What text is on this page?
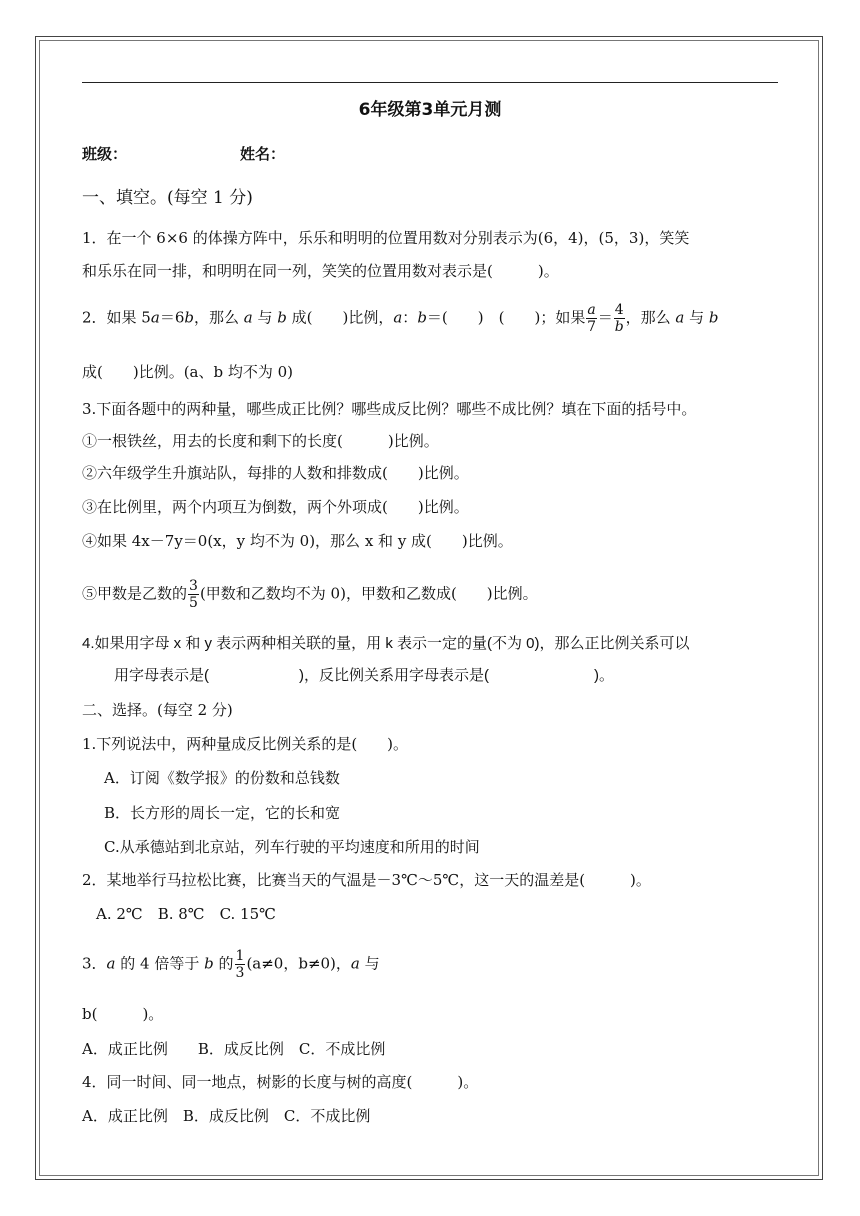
6年级第3单元月测
班级：	姓名：
一、填空。(每空 1 分)
1．在一个 6×6 的体操方阵中，乐乐和明明的位置用数对分别表示为(6，4)，(5，3)，笑笑
和乐乐在同一排，和明明在同一列，笑笑的位置用数对表示是(　　　)。
2．如果 5a＝6b，那么 a 与 b 成(　　)比例，a：b＝(　　)　(　　)；如果 $\frac{a}{7} = \frac{4}{b}$ ，那么 a 与 b
成(　　)比例。(a、b 均不为 0)
3.下面各题中的两种量，哪些成正比例？哪些成反比例？哪些不成比例？填在下面的括号中。
①一根铁丝，用去的长度和剩下的长度(　　　)比例。
②六年级学生升旗站队，每排的人数和排数成(　　)比例。
③在比例里，两个内项互为倒数，两个外项成(　　)比例。
④如果 4x－7y＝0(x，y 均不为 0)，那么 x 和 y 成(　　)比例。
⑤甲数是乙数的 $\frac{3}{5}$ (甲数和乙数均不为 0)，甲数和乙数成(　　)比例。
4.如果用字母 x 和 y 表示两种相关联的量，用 k 表示一定的量(不为 0)，那么正比例关系可以
用字母表示是(　　　　　　)，反比例关系用字母表示是(　　　　　　　)。
二、选择。(每空 2 分)
1.下列说法中，两种量成反比例关系的是(　　)。
A．订阅《数学报》的份数和总钱数
B．长方形的周长一定，它的长和宽
C.从承德站到北京站，列车行驶的平均速度和所用的时间
2．某地举行马拉松比赛，比赛当天的气温是－3℃～5℃，这一天的温差是(　　　)。
A. 2℃　B. 8℃　C. 15℃
3．a 的 4 倍等于 b 的 $\frac{1}{3} (a\ne 0$，b≠0)，a 与
b(　　　)。
A．成正比例　　B．成反比例　C．不成比例
4．同一时间、同一地点，树影的长度与树的高度(　　　)。
A．成正比例　B．成反比例　C．不成比例
